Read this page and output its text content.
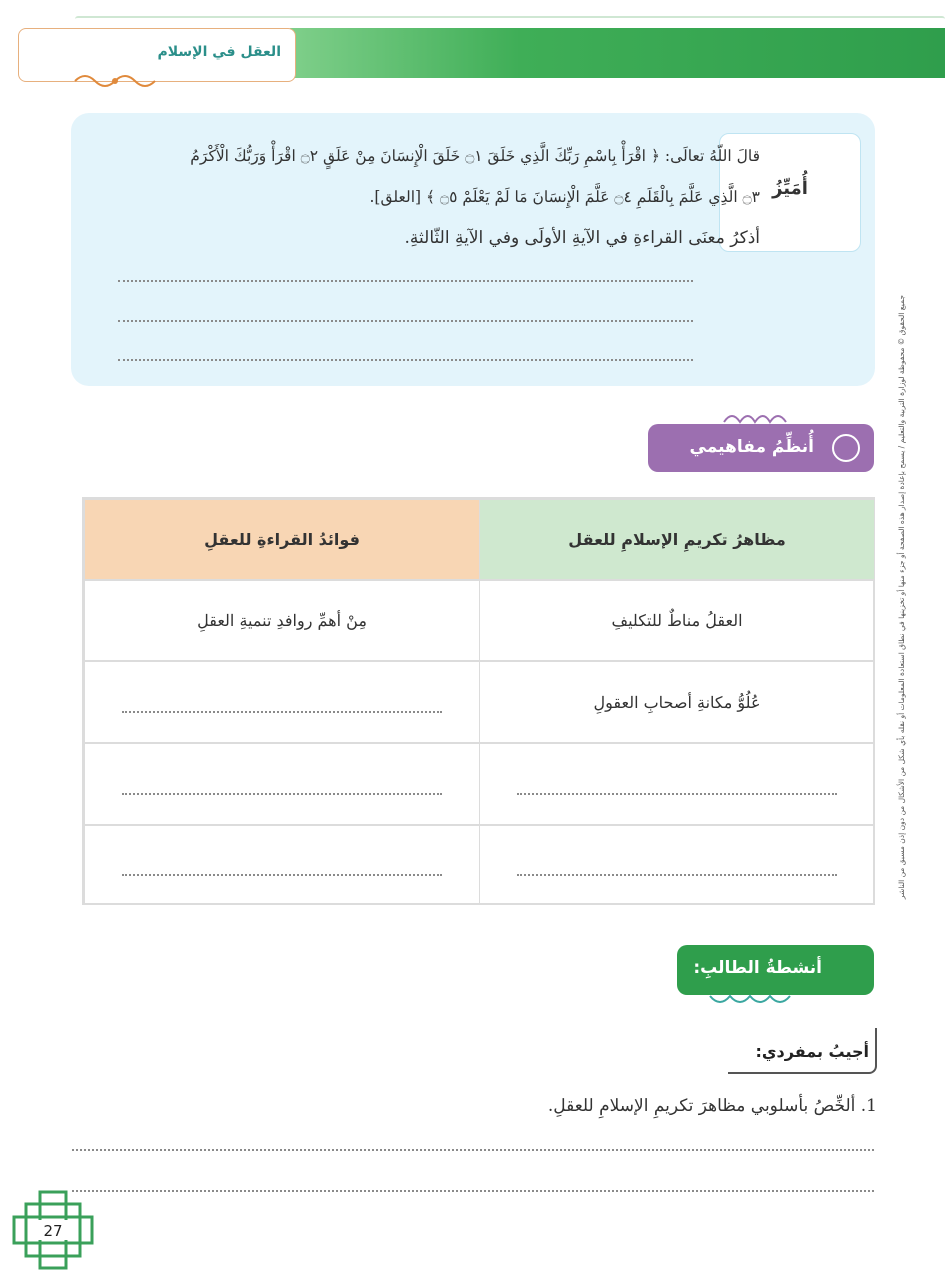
العقل في الإسلام
أُمَيِّزُ
قالَ اللّهُ تعالَى: ﴿ اقْرَأْ بِاسْمِ رَبِّكَ الَّذِي خَلَقَ ۝١ خَلَقَ الْإِنسَانَ مِنْ عَلَقٍ ۝٢ اقْرَأْ وَرَبُّكَ الْأَكْرَمُ
۝٣ الَّذِي عَلَّمَ بِالْقَلَمِ ۝٤ عَلَّمَ الْإِنسَانَ مَا لَمْ يَعْلَمْ ۝٥ ﴾ [العلق].
أذكرُ معنَى القراءةِ في الآيةِ الأولَى وفي الآيةِ الثّالثةِ.
أُنظِّمُ مفاهيمي
مظاهرُ تكريمِ الإسلامِ للعقل
فوائدُ القراءةِ للعقلِ
العقلُ مناطٌ للتكليفِ
مِنْ أهمِّ روافدِ تنميةِ العقلِ
عُلُوُّ مكانةِ أصحابِ العقولِ
أنشطةُ الطالبِ:
أجيبُ بمفردي:
1. ألخِّصُ بأسلوبي مظاهرَ تكريمِ الإسلامِ للعقلِ.
27
جميع الحقوق © محفوظة لوزارة التربية والتعليم / يسمح بإعادة إصدار هذه الصفحة أو جزء منها أو تخزينها في نطاق استعادة المعلومات أو نقله بأي شكل من الأشكال من دون إذن مسبق من الناشر
